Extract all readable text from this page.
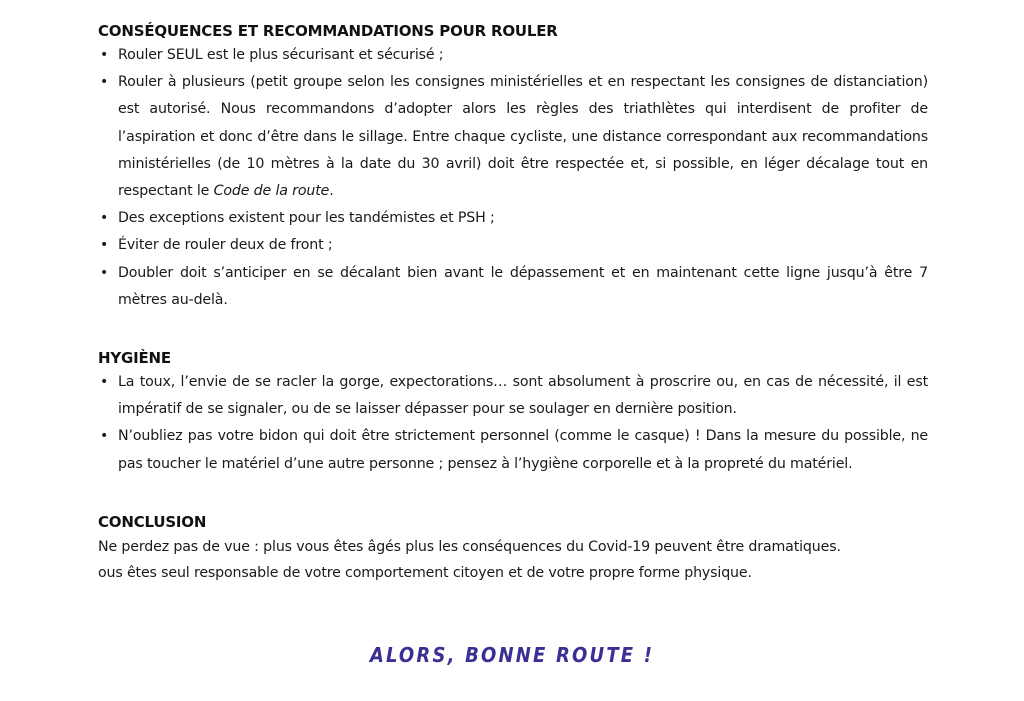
CONSÉQUENCES ET RECOMMANDATIONS POUR ROULER
• Rouler SEUL est le plus sécurisant et sécurisé ;
• Rouler à plusieurs (petit groupe selon les consignes ministérielles et en respectant les consignes de distanciation) est autorisé. Nous recommandons d’adopter alors les règles des triathlètes qui interdisent de profiter de l’aspiration et donc d’être dans le sillage. Entre chaque cycliste, une distance correspondant aux recommandations ministérielles (de 10 mètres à la date du 30 avril) doit être respectée et, si possible, en léger décalage tout en respectant le Code de la route.
• Des exceptions existent pour les tandémistes et PSH ;
• Éviter de rouler deux de front ;
• Doubler doit s’anticiper en se décalant bien avant le dépassement et en maintenant cette ligne jusqu’à être 7 mètres au-delà.
HYGIÈNE
• La toux, l’envie de se racler la gorge, expectorations… sont absolument à proscrire ou, en cas de nécessité, il est impératif de se signaler, ou de se laisser dépasser pour se soulager en dernière position.
• N’oubliez pas votre bidon qui doit être strictement personnel (comme le casque) ! Dans la mesure du possible, ne pas toucher le matériel d’une autre personne ; pensez à l’hygiène corporelle et à la propreté du matériel.
CONCLUSION

Ne perdez pas de vue : plus vous êtes âgés plus les conséquences du Covid-19 peuvent être dramatiques.

ous êtes seul responsable de votre comportement citoyen et de votre propre forme physique.

ALORS, BONNE ROUTE !
